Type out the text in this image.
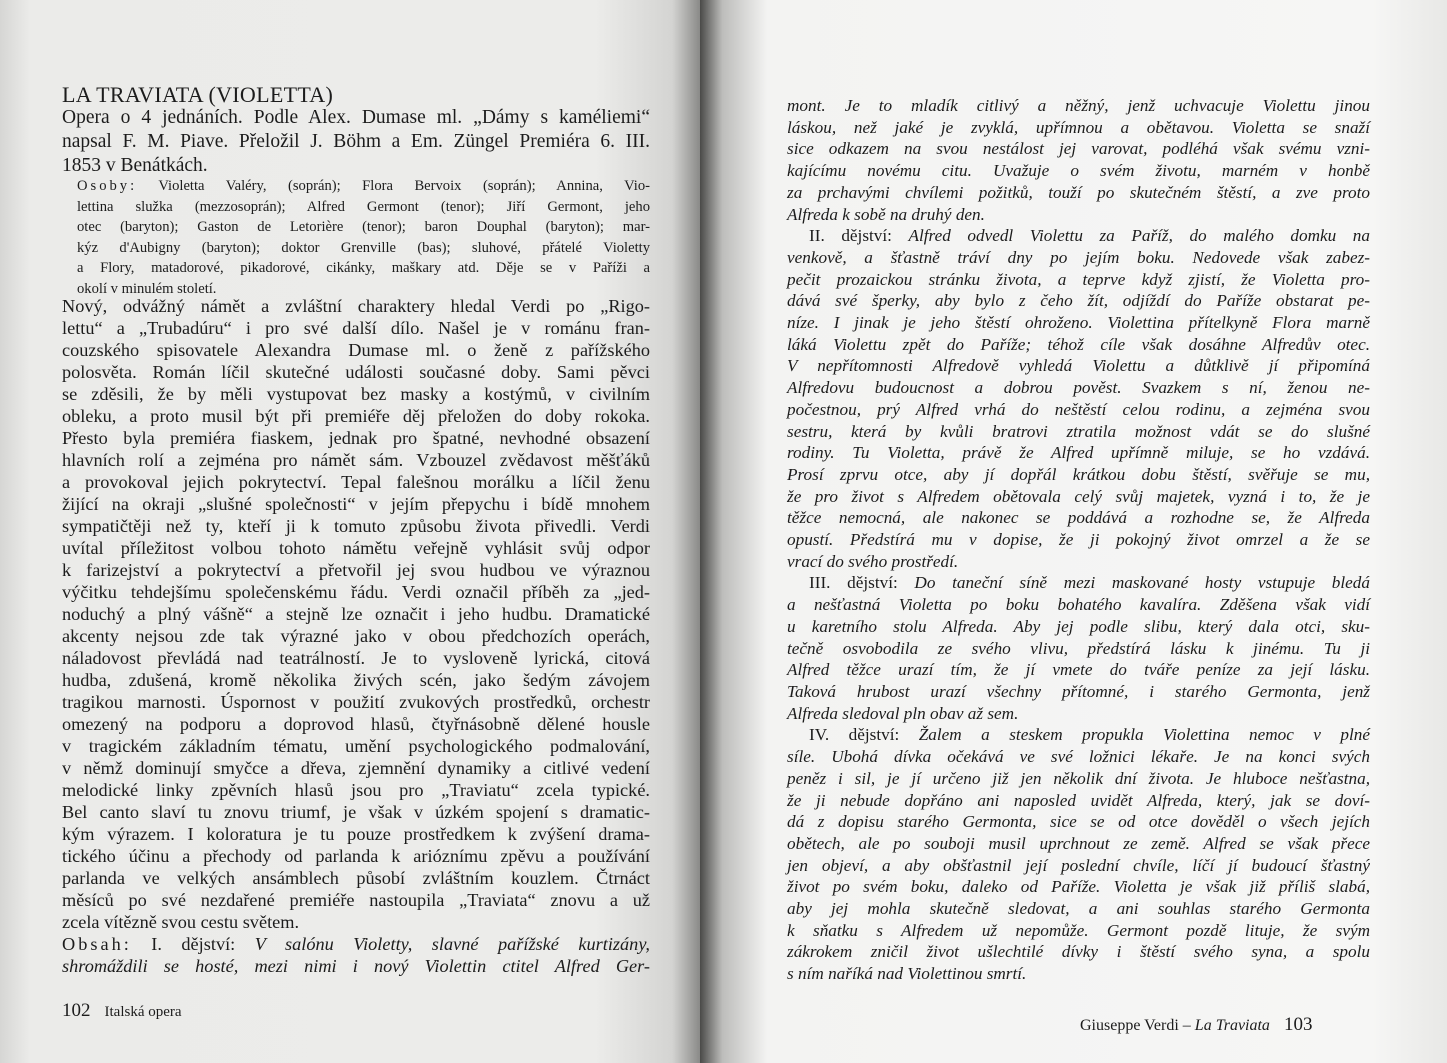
LA TRAVIATA (VIOLETTA)
Opera o 4 jednáních. Podle Alex. Dumase ml. „Dámy s kaméliemi“
napsal F. M. Piave. Přeložil J. Böhm a Em. Züngel Premiéra 6. III.
1853 v Benátkách.
Osoby: Violetta Valéry, (soprán); Flora Bervoix (soprán); Annina, Vio-
lettina služka (mezzosoprán); Alfred Germont (tenor); Jiří Germont, jeho
otec (baryton); Gaston de Letorière (tenor); baron Douphal (baryton); mar-
kýz d'Aubigny (baryton); doktor Grenville (bas); sluhové, přátelé Violetty
a Flory, matadorové, pikadorové, cikánky, maškary atd. Děje se v Paříži a
okolí v minulém století.
Nový, odvážný námět a zvláštní charaktery hledal Verdi po „Rigo-
lettu“ a „Trubadúru“ i pro své další dílo. Našel je v románu fran-
couzského spisovatele Alexandra Dumase ml. o ženě z pařížského
polosvěta. Román líčil skutečné události současné doby. Sami pěvci
se zděsili, že by měli vystupovat bez masky a kostýmů, v civilním
obleku, a proto musil být při premiéře děj přeložen do doby rokoka.
Přesto byla premiéra fiaskem, jednak pro špatné, nevhodné obsazení
hlavních rolí a zejména pro námět sám. Vzbouzel zvědavost měšťáků
a provokoval jejich pokrytectví. Tepal falešnou morálku a líčil ženu
žijící na okraji „slušné společnosti“ v jejím přepychu i bídě mnohem
sympatičtěji než ty, kteří ji k tomuto způsobu života přivedli. Verdi
uvítal příležitost volbou tohoto námětu veřejně vyhlásit svůj odpor
k farizejství a pokrytectví a přetvořil jej svou hudbou ve výraznou
výčitku tehdejšímu společenskému řádu. Verdi označil příběh za „jed-
noduchý a plný vášně“ a stejně lze označit i jeho hudbu. Dramatické
akcenty nejsou zde tak výrazné jako v obou předchozích operách,
náladovost převládá nad teatrálností. Je to vysloveně lyrická, citová
hudba, zdušená, kromě několika živých scén, jako šedým závojem
tragikou marnosti. Úspornost v použití zvukových prostředků, orchestr
omezený na podporu a doprovod hlasů, čtyřnásobně dělené housle
v tragickém základním tématu, umění psychologického podmalování,
v němž dominují smyčce a dřeva, zjemnění dynamiky a citlivé vedení
melodické linky zpěvních hlasů jsou pro „Traviatu“ zcela typické.
Bel canto slaví tu znovu triumf, je však v úzkém spojení s dramatic-
kým výrazem. I koloratura je tu pouze prostředkem k zvýšení drama-
tického účinu a přechody od parlanda k arióznímu zpěvu a používání
parlanda ve velkých ansámblech působí zvláštním kouzlem. Čtrnáct
měsíců po své nezdařené premiéře nastoupila „Traviata“ znovu a už
zcela vítězně svou cestu světem.
Obsah: I. dějství: V salónu Violetty, slavné pařížské kurtizány,
shromáždili se hosté, mezi nimi i nový Violettin ctitel Alfred Ger-
102 Italská opera
mont. Je to mladík citlivý a něžný, jenž uchvacuje Violettu jinou
láskou, než jaké je zvyklá, upřímnou a obětavou. Violetta se snaží
sice odkazem na svou nestálost jej varovat, podléhá však svému vzni-
kajícímu novému citu. Uvažuje o svém životu, marném v honbě
za prchavými chvílemi požitků, touží po skutečném štěstí, a zve proto
Alfreda k sobě na druhý den.
II. dějství: Alfred odvedl Violettu za Paříž, do malého domku na
venkově, a šťastně tráví dny po jejím boku. Nedovede však zabez-
pečit prozaickou stránku života, a teprve když zjistí, že Violetta pro-
dává své šperky, aby bylo z čeho žít, odjíždí do Paříže obstarat pe-
níze. I jinak je jeho štěstí ohroženo. Violettina přítelkyně Flora marně
láká Violettu zpět do Paříže; téhož cíle však dosáhne Alfredův otec.
V nepřítomnosti Alfredově vyhledá Violettu a důtklivě jí připomíná
Alfredovu budoucnost a dobrou pověst. Svazkem s ní, ženou ne-
počestnou, prý Alfred vrhá do neštěstí celou rodinu, a zejména svou
sestru, která by kvůli bratrovi ztratila možnost vdát se do slušné
rodiny. Tu Violetta, právě že Alfred upřímně miluje, se ho vzdává.
Prosí zprvu otce, aby jí dopřál krátkou dobu štěstí, svěřuje se mu,
že pro život s Alfredem obětovala celý svůj majetek, vyzná i to, že je
těžce nemocná, ale nakonec se poddává a rozhodne se, že Alfreda
opustí. Předstírá mu v dopise, že ji pokojný život omrzel a že se
vrací do svého prostředí.
III. dějství: Do taneční síně mezi maskované hosty vstupuje bledá
a nešťastná Violetta po boku bohatého kavalíra. Zděšena však vidí
u karetního stolu Alfreda. Aby jej podle slibu, který dala otci, sku-
tečně osvobodila ze svého vlivu, předstírá lásku k jinému. Tu ji
Alfred těžce urazí tím, že jí vmete do tváře peníze za její lásku.
Taková hrubost urazí všechny přítomné, i starého Germonta, jenž
Alfreda sledoval pln obav až sem.
IV. dějství: Žalem a steskem propukla Violettina nemoc v plné
síle. Ubohá dívka očekává ve své ložnici lékaře. Je na konci svých
peněz i sil, je jí určeno již jen několik dní života. Je hluboce nešťastna,
že ji nebude dopřáno ani naposled uvidět Alfreda, který, jak se doví-
dá z dopisu starého Germonta, sice se od otce dověděl o všech jejích
obětech, ale po souboji musil uprchnout ze země. Alfred se však přece
jen objeví, a aby obšťastnil její poslední chvíle, líčí jí budoucí šťastný
život po svém boku, daleko od Paříže. Violetta je však již příliš slabá,
aby jej mohla skutečně sledovat, a ani souhlas starého Germonta
k sňatku s Alfredem už nepomůže. Germont pozdě lituje, že svým
zákrokem zničil život ušlechtilé dívky i štěstí svého syna, a spolu
s ním naříká nad Violettinou smrtí.
Giuseppe Verdi – La Traviata 103
